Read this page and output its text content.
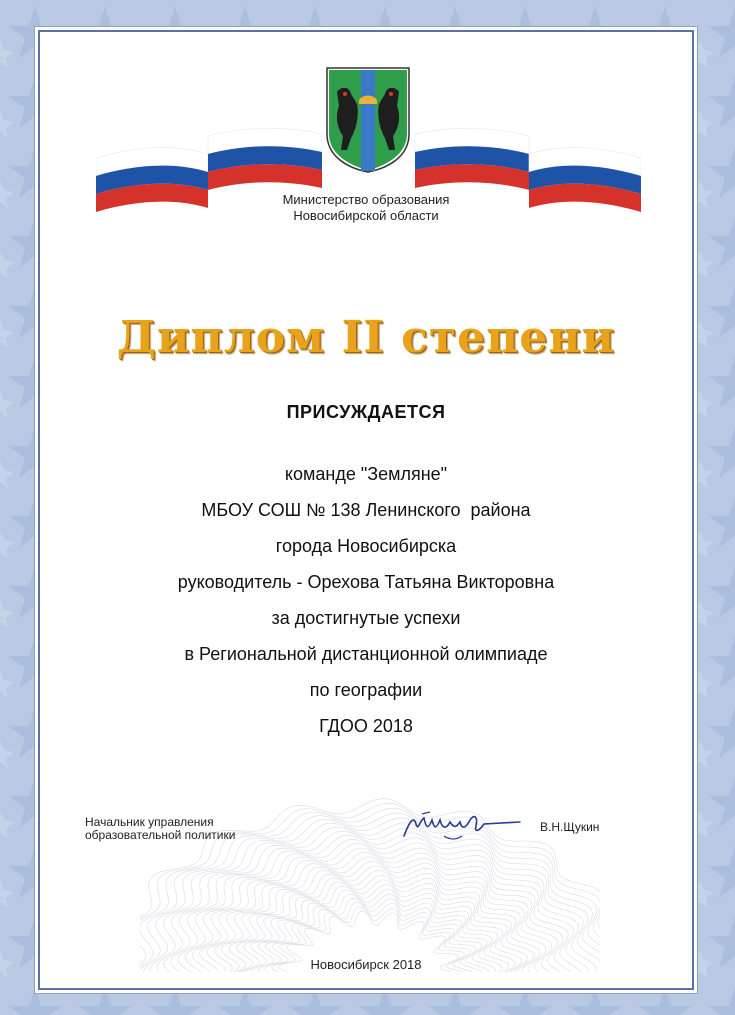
Министерство образования
Новосибирской области
Диплом II степени
ПРИСУЖДАЕТСЯ
команде "Земляне"
МБОУ СОШ № 138 Ленинского  района
города Новосибирска
руководитель - Орехова Татьяна Викторовна
за достигнутые успехи
в Региональной дистанционной олимпиаде
по географии
ГДОО 2018
Начальник управления
образовательной политики
В.Н.Щукин
Новосибирск 2018
